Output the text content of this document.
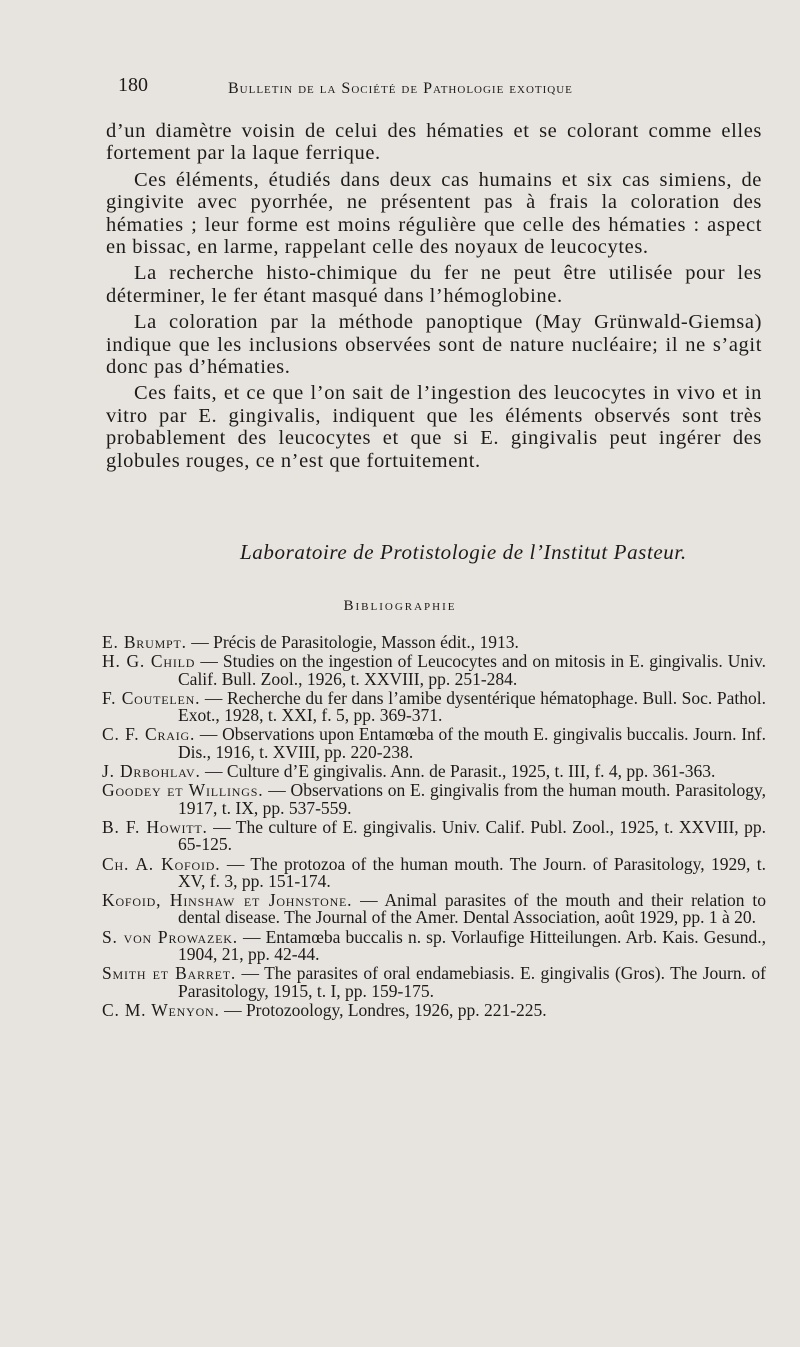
180	Bulletin de la Société de Pathologie exotique

d’un diamètre voisin de celui des hématies et se colorant comme elles fortement par la laque ferrique.

Ces éléments, étudiés dans deux cas humains et six cas simiens, de gingivite avec pyorrhée, ne présentent pas à frais la coloration des hématies ; leur forme est moins régulière que celle des hématies : aspect en bissac, en larme, rappelant celle des noyaux de leucocytes.

La recherche histo-chimique du fer ne peut être utilisée pour les déterminer, le fer étant masqué dans l’hémoglobine.

La coloration par la méthode panoptique (May Grünwald-Giemsa) indique que les inclusions observées sont de nature nucléaire; il ne s’agit donc pas d’hématies.

Ces faits, et ce que l’on sait de l’ingestion des leucocytes in vivo et in vitro par E. gingivalis, indiquent que les éléments observés sont très probablement des leucocytes et que si E. gingivalis peut ingérer des globules rouges, ce n’est que fortuitement.

Laboratoire de Protistologie de l’Institut Pasteur.
Bibliographie
E. Brumpt. — Précis de Parasitologie, Masson édit., 1913.
H. G. Child — Studies on the ingestion of Leucocytes and on mitosis in E. gingivalis. Univ. Calif. Bull. Zool., 1926, t. XXVIII, pp. 251-284.
F. Coutelen. — Recherche du fer dans l’amibe dysentérique hématophage. Bull. Soc. Pathol. Exot., 1928, t. XXI, f. 5, pp. 369-371.
C. F. Craig. — Observations upon Entamœba of the mouth E. gingivalis buccalis. Journ. Inf. Dis., 1916, t. XVIII, pp. 220-238.
J. Drbohlav. — Culture d’E gingivalis. Ann. de Parasit., 1925, t. III, f. 4, pp. 361-363.
Goodey et Willings. — Observations on E. gingivalis from the human mouth. Parasitology, 1917, t. IX, pp. 537-559.
B. F. Howitt. — The culture of E. gingivalis. Univ. Calif. Publ. Zool., 1925, t. XXVIII, pp. 65-125.
Ch. A. Kofoid. — The protozoa of the human mouth. The Journ. of Parasitology, 1929, t. XV, f. 3, pp. 151-174.
Kofoid, Hinshaw et Johnstone. — Animal parasites of the mouth and their relation to dental disease. The Journal of the Amer. Dental Association, août 1929, pp. 1 à 20.
S. von Prowazek. — Entamœba buccalis n. sp. Vorlaufige Hitteilungen. Arb. Kais. Gesund., 1904, 21, pp. 42-44.
Smith et Barret. — The parasites of oral endamebiasis. E. gingivalis (Gros). The Journ. of Parasitology, 1915, t. I, pp. 159-175.
C. M. Wenyon. — Protozoology, Londres, 1926, pp. 221-225.
